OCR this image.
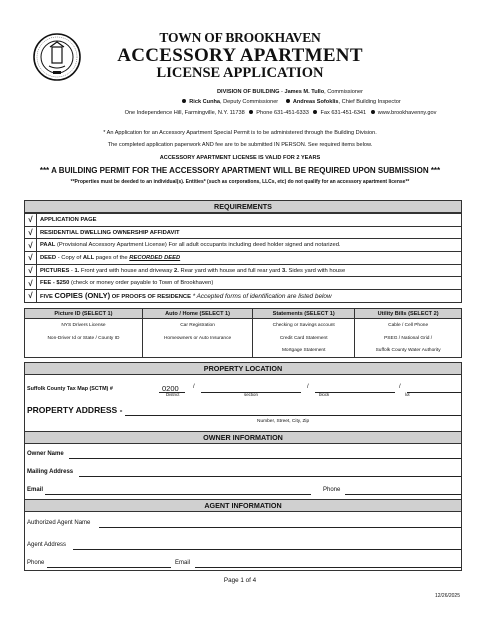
TOWN OF BROOKHAVEN
ACCESSORY APARTMENT
LICENSE APPLICATION
DIVISION OF BUILDING - James M. Tullo, Commissioner
Rick Cunha, Deputy Commissioner	Andreas Sofoklis, Chief Building Inspector
One Independence Hill, Farmingville, N.Y. 11738 Phone 631-451-6333 Fax 631-451-6341 www.brookhavenny.gov
* An Application for an Accessory Apartment Special Permit is to be administered through the Building Division.
The completed application paperwork AND fee are to be submitted IN PERSON. See required items below.
ACCESSORY APARTMENT LICENSE IS VALID FOR 2 YEARS
*** A BUILDING PERMIT FOR THE ACCESSORY APARTMENT WILL BE REQUIRED UPON SUBMISSION ***
**Properties must be deeded to an individual(s). Entities* (such as corporations, LLCs, etc) do not qualify for an accessory apartment license**
REQUIREMENTS
√	APPLICATION PAGE
√	RESIDENTIAL DWELLING OWNERSHIP AFFIDAVIT
√	PAAL (Provisional Accessory Apartment License) For all adult occupants including deed holder signed and notarized.
√	DEED - Copy of ALL pages of the RECORDED DEED
√	PICTURES - 1. Front yard with house and driveway 2. Rear yard with house and full rear yard 3. Sides yard with house
√	FEE - $250 (check or money order payable to Town of Brookhaven)
√	FIVE COPIES (ONLY) OF PROOFS OF RESIDENCE * Accepted forms of identification are listed below
Picture ID (SELECT 1)	Auto / Home (SELECT 1)	Statements (SELECT 1)	Utility Bills (SELECT 2)
NYS Drivers License	Car Registration	Checking or Savings account	Cable / Cell Phone
Non-Driver Id or State / County ID	Homeowners or Auto Insurance	Credit Card Statement	PSEG / National Grid /
		Mortgage Statement	Suffolk County Water Authority
PROPERTY LOCATION
Suffolk County Tax Map (SCTM) #	0200 /	/	/
District	section	block	lot
PROPERTY ADDRESS -
Number, Street, City, Zip
OWNER INFORMATION
Owner Name
Mailing Address
Email	Phone
AGENT INFORMATION
Authorized Agent Name
Agent Address
Phone	Email
Page 1 of 4
12/26/2025
